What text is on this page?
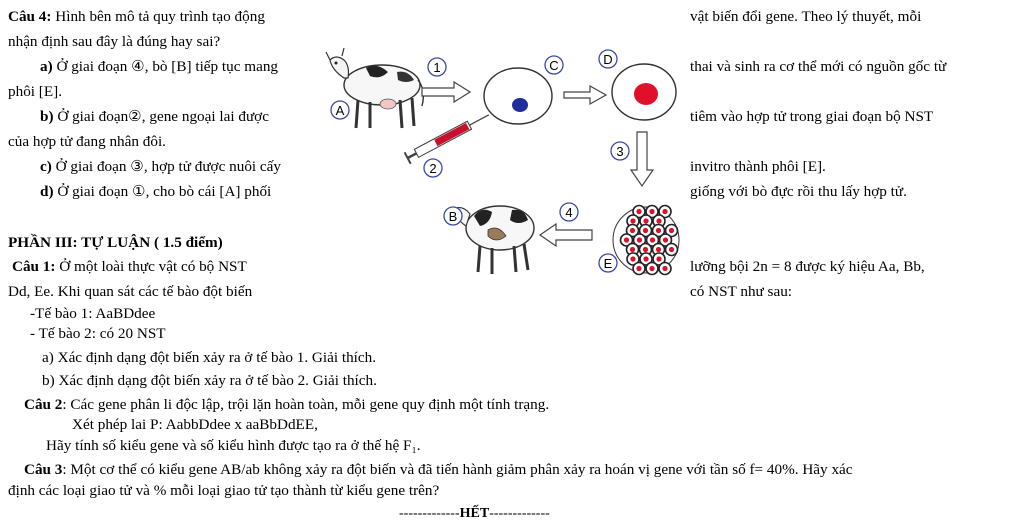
Câu 4: Hình bên mô tả quy trình tạo động	vật biến đổi gene. Theo lý thuyết, mỗi
nhận định sau đây là đúng hay sai?
a) Ở giai đoạn ④, bò [B] tiếp tục mang	thai và sinh ra cơ thể mới có nguồn gốc từ
phôi [E].
b) Ở giai đoạn②, gene ngoại lai được	tiêm vào hợp tử trong giai đoạn bộ NST
của hợp tử đang nhân đôi.
c) Ở giai đoạn ③, hợp tử được nuôi cấy	invitro thành phôi [E].
d) Ở giai đoạn ①, cho bò cái [A] phối	giống với bò đực rồi thu lấy hợp tử.
A
1	C	D
2
3
E
4
B
PHẦN III: TỰ LUẬN ( 1.5 điểm)
Câu 1: Ở một loài thực vật có bộ NST	lưỡng bội 2n = 8 được ký hiệu Aa, Bb,
Dd, Ee. Khi quan sát các tế bào đột biến	có NST như sau:
-Tế bào 1: AaBDdee
- Tế bào 2: có 20 NST
a) Xác định dạng đột biến xảy ra ở tế bào 1. Giải thích.
b) Xác định dạng đột biến xảy ra ở tế bào 2. Giải thích.
Câu 2: Các gene phân li độc lập, trội lặn hoàn toàn, mỗi gene quy định một tính trạng.
Xét phép lai P: AabbDdee x aaBbDdEE,
Hãy tính số kiểu gene và số kiểu hình được tạo ra ở thế hệ F₁.
Câu 3: Một cơ thể có kiểu gene AB/ab không xảy ra đột biến và đã tiến hành giảm phân xảy ra hoán vị gene với tần số f= 40%. Hãy xác
định các loại giao tử và % mỗi loại giao tử tạo thành từ kiểu gene trên?
-------------HẾT-------------
